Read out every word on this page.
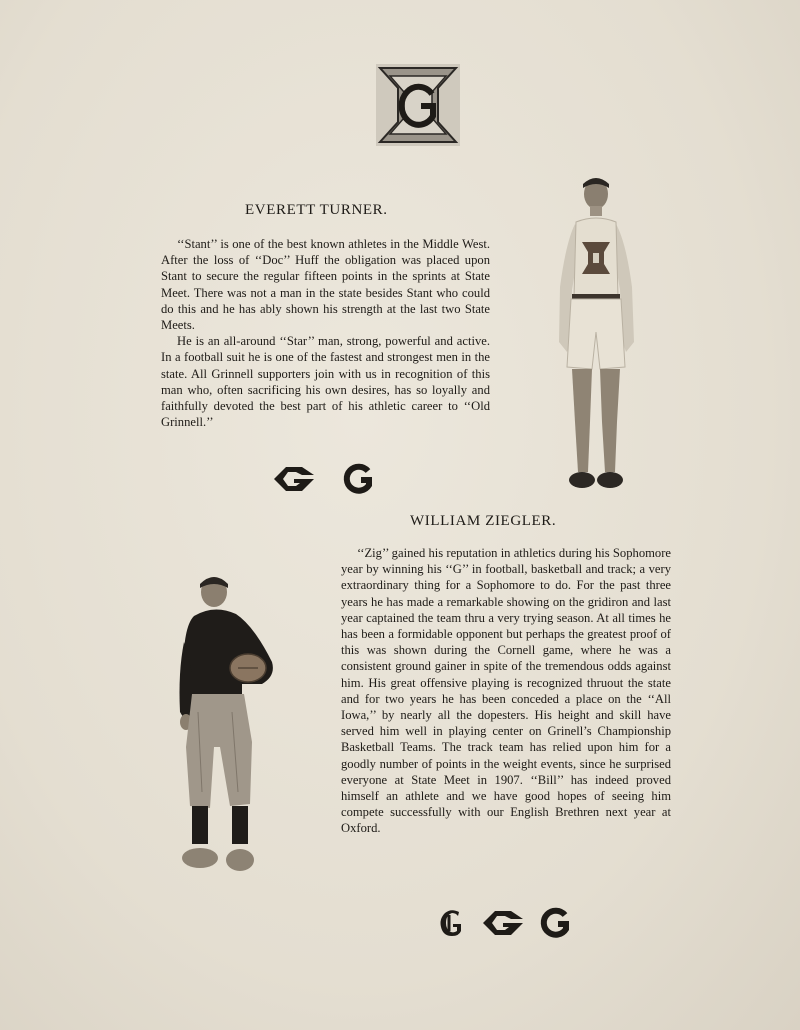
EVERETT TURNER.

‘‘Stant’’ is one of the best known athletes in the Middle West. After the loss of ‘‘Doc’’ Huff the obligation was placed upon Stant to secure the regular fifteen points in the sprints at State Meet. There was not a man in the state besides Stant who could do this and he has ably shown his strength at the last two State Meets.

He is an all-around ‘‘Star’’ man, strong, powerful and active. In a football suit he is one of the fastest and strongest men in the state. All Grinnell supporters join with us in recognition of this man who, often sacrificing his own desires, has so loyally and faithfully devoted the best part of his athletic career to ‘‘Old Grinnell.’’

WILLIAM ZIEGLER.

‘‘Zig’’ gained his reputation in athletics during his Sophomore year by winning his ‘‘G’’ in football, basketball and track; a very extraordinary thing for a Sophomore to do. For the past three years he has made a remarkable showing on the gridiron and last year captained the team thru a very trying season. At all times he has been a formidable opponent but perhaps the greatest proof of this was shown during the Cornell game, where he was a consistent ground gainer in spite of the tremendous odds against him. His great offensive playing is recognized thruout the state and for two years he has been conceded a place on the ‘‘All Iowa,’’ by nearly all the dopesters. His height and skill have served him well in playing center on Grinell’s Championship Basketball Teams. The track team has relied upon him for a goodly number of points in the weight events, since he surprised everyone at State Meet in 1907. ‘‘Bill’’ has indeed proved himself an athlete and we have good hopes of seeing him compete successfully with our English Brethren next year at Oxford.
